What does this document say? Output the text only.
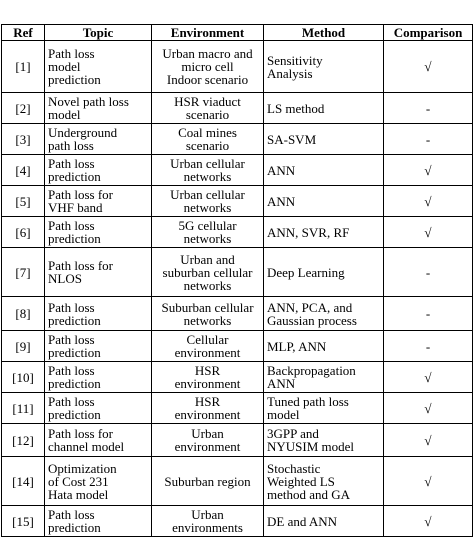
Ref	Topic	Environment	Method	Comparison
[1]	Path loss
model
prediction	Urban macro and
micro cell
Indoor scenario	Sensitivity
Analysis	√
[2]	Novel path loss
model	HSR viaduct
scenario	LS method	-
[3]	Underground
path loss	Coal mines
scenario	SA-SVM	-
[4]	Path loss
prediction	Urban cellular
networks	ANN	√
[5]	Path loss for
VHF band	Urban cellular
networks	ANN	√
[6]	Path loss
prediction	5G cellular
networks	ANN, SVR, RF	√
[7]	Path loss for
NLOS	Urban and
suburban cellular
networks	Deep Learning	-
[8]	Path loss
prediction	Suburban cellular
networks	ANN, PCA, and
Gaussian process	-
[9]	Path loss
prediction	Cellular
environment	MLP, ANN	-
[10]	Path loss
prediction	HSR
environment	Backpropagation
ANN	√
[11]	Path loss
prediction	HSR
environment	Tuned path loss
model	√
[12]	Path loss for
channel model	Urban
environment	3GPP and
NYUSIM model	√
[14]	Optimization
of Cost 231
Hata model	Suburban region	Stochastic
Weighted LS
method and GA	√
[15]	Path loss
prediction	Urban
environments	DE and ANN	√
